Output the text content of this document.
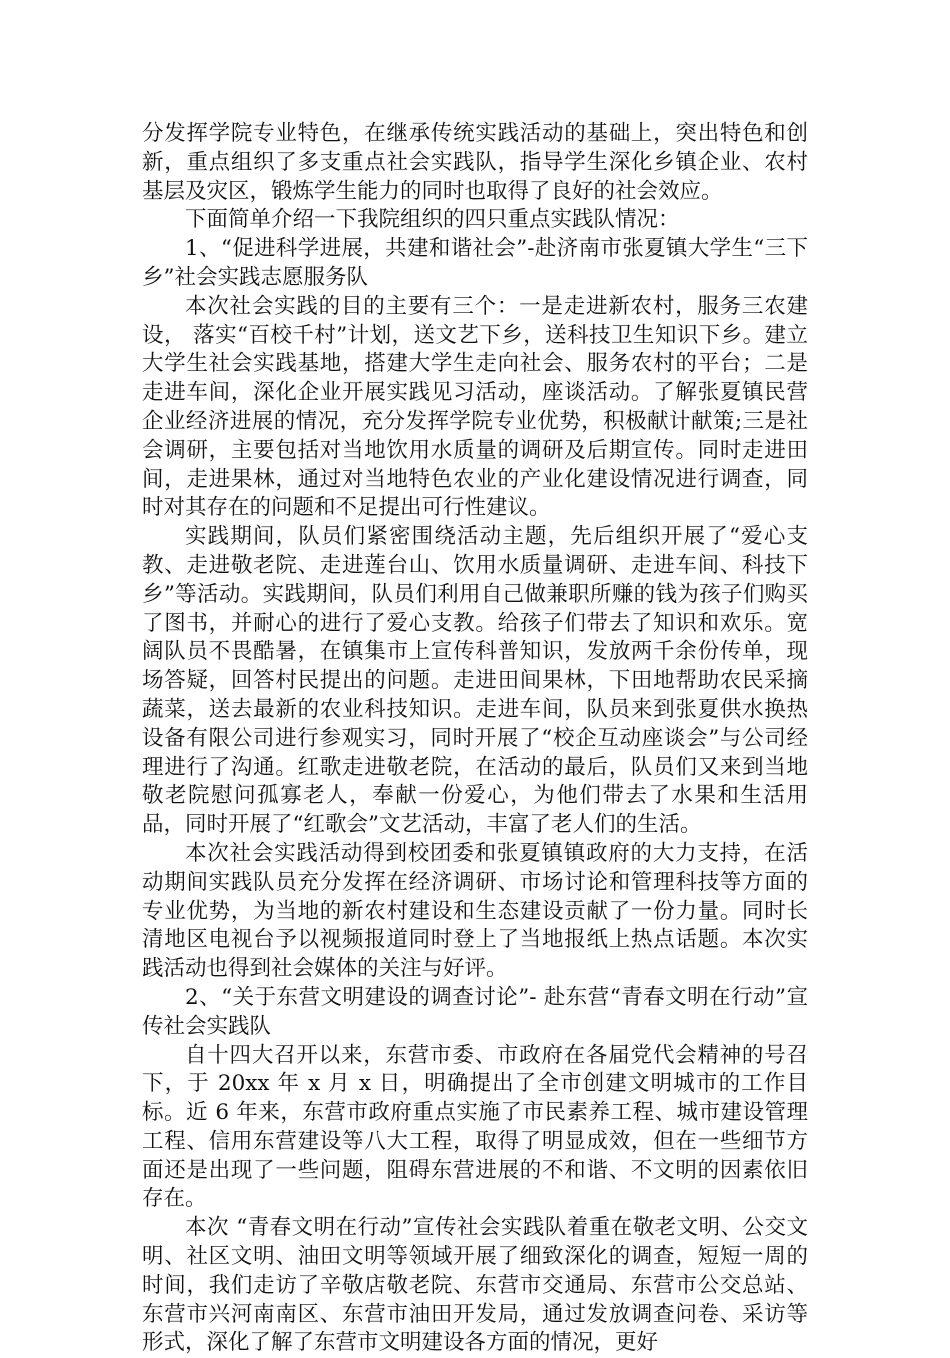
分发挥学院专业特色，在继承传统实践活动的基础上，突出特色和创新，重点组织了多支重点社会实践队，指导学生深化乡镇企业、农村基层及灾区，锻炼学生能力的同时也取得了良好的社会效应。

下面简单介绍一下我院组织的四只重点实践队情况：

1、“促进科学进展，共建和谐社会”-赴济南市张夏镇大学生“三下乡”社会实践志愿服务队

本次社会实践的目的主要有三个：一是走进新农村，服务三农建设， 落实“百校千村”计划，送文艺下乡，送科技卫生知识下乡。建立大学生社会实践基地，搭建大学生走向社会、服务农村的平台；二是走进车间，深化企业开展实践见习活动，座谈活动。了解张夏镇民营企业经济进展的情况，充分发挥学院专业优势，积极献计献策;三是社会调研，主要包括对当地饮用水质量的调研及后期宣传。同时走进田间，走进果林，通过对当地特色农业的产业化建设情况进行调查，同时对其存在的问题和不足提出可行性建议。

实践期间，队员们紧密围绕活动主题，先后组织开展了“爱心支教、走进敬老院、走进莲台山、饮用水质量调研、走进车间、科技下乡”等活动。实践期间，队员们利用自己做兼职所赚的钱为孩子们购买了图书，并耐心的进行了爱心支教。给孩子们带去了知识和欢乐。宽阔队员不畏酷暑，在镇集市上宣传科普知识，发放两千余份传单，现场答疑，回答村民提出的问题。走进田间果林，下田地帮助农民采摘蔬菜，送去最新的农业科技知识。走进车间，队员来到张夏供水换热设备有限公司进行参观实习，同时开展了“校企互动座谈会”与公司经理进行了沟通。红歌走进敬老院，在活动的最后，队员们又来到当地敬老院慰问孤寡老人，奉献一份爱心，为他们带去了水果和生活用品，同时开展了“红歌会”文艺活动，丰富了老人们的生活。

本次社会实践活动得到校团委和张夏镇镇政府的大力支持，在活动期间实践队员充分发挥在经济调研、市场讨论和管理科技等方面的专业优势，为当地的新农村建设和生态建设贡献了一份力量。同时长清地区电视台予以视频报道同时登上了当地报纸上热点话题。本次实践活动也得到社会媒体的关注与好评。

2、“关于东营文明建设的调查讨论”- 赴东营“青春文明在行动”宣传社会实践队

自十四大召开以来，东营市委、市政府在各届党代会精神的号召下，于 20xx 年 x 月 x 日，明确提出了全市创建文明城市的工作目标。近 6 年来，东营市政府重点实施了市民素养工程、城市建设管理工程、信用东营建设等八大工程，取得了明显成效，但在一些细节方面还是出现了一些问题，阻碍东营进展的不和谐、不文明的因素依旧存在。

本次 “青春文明在行动”宣传社会实践队着重在敬老文明、公交文明、社区文明、油田文明等领域开展了细致深化的调查，短短一周的时间，我们走访了辛敬店敬老院、东营市交通局、东营市公交总站、东营市兴河南南区、东营市油田开发局，通过发放调查问卷、采访等形式，深化了解了东营市文明建设各方面的情况，更好
